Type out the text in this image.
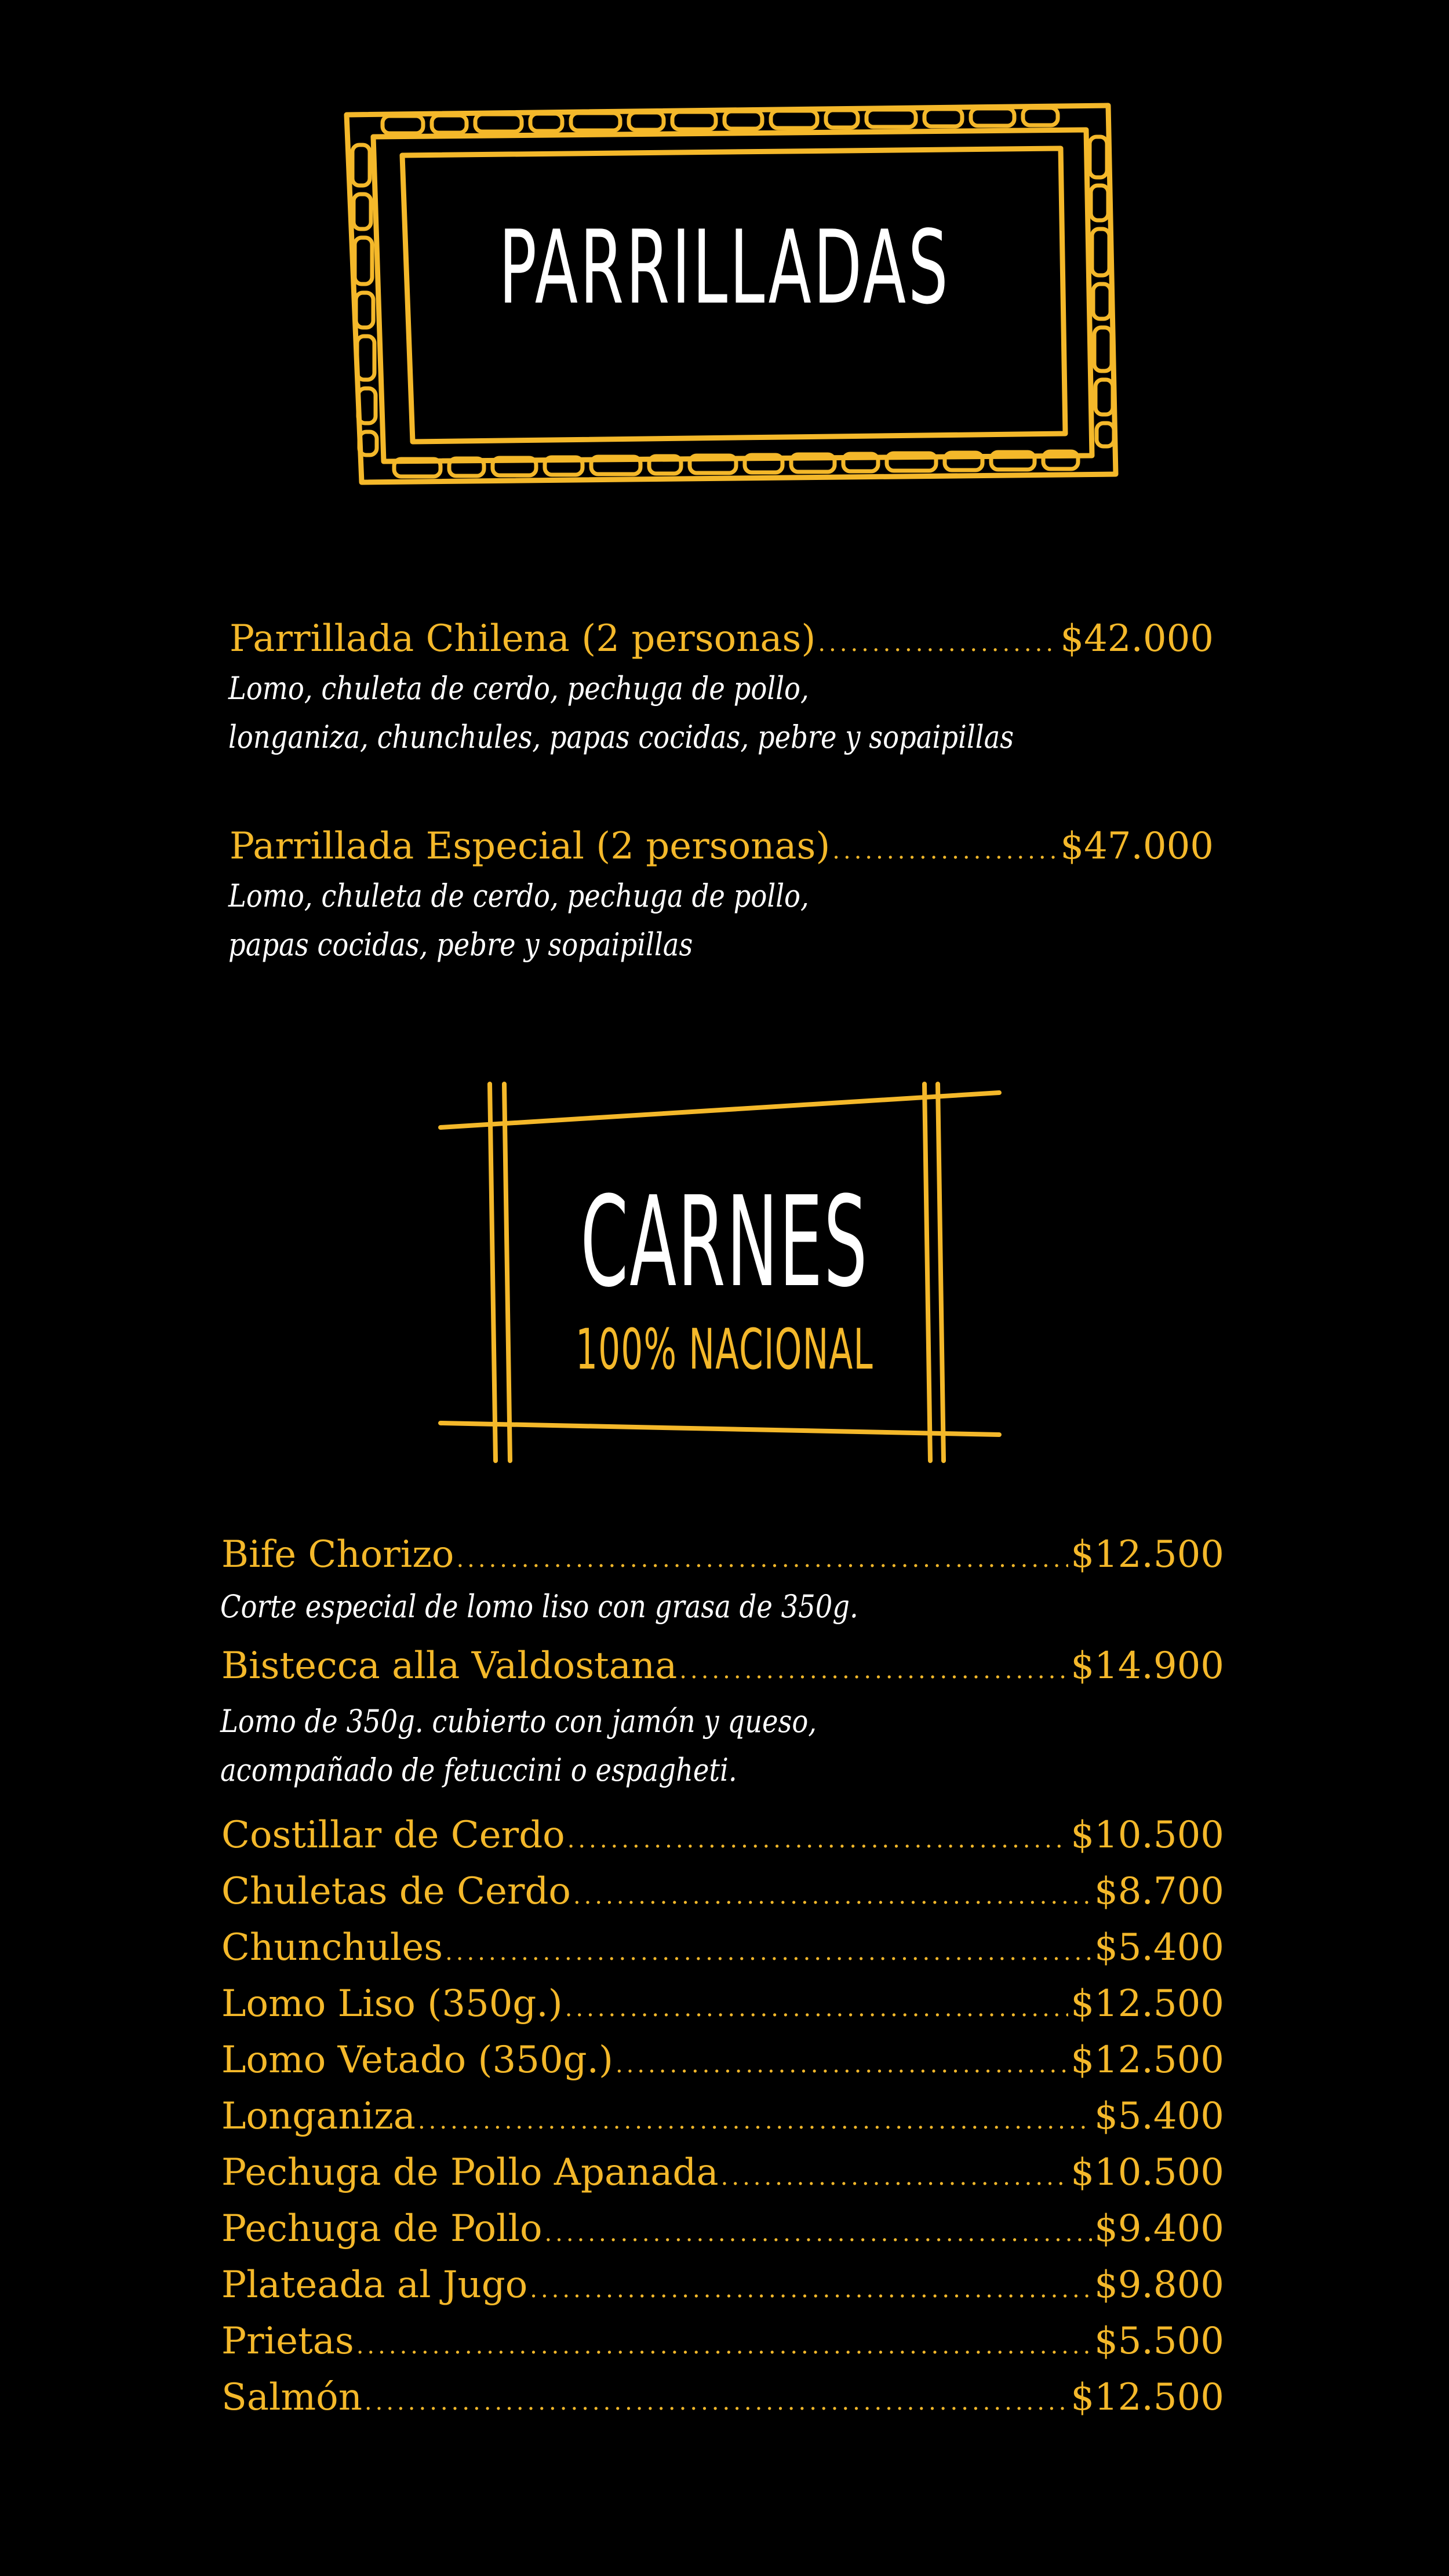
PARRILLADAS
CARNES
100% NACIONAL
Parrillada Chilena (2 personas) .....	$42.000
Lomo, chuleta de cerdo, pechuga de pollo,
longaniza, chunchules, papas cocidas, pebre y sopaipillas
Parrillada Especial (2 personas) .....	$47.000
Lomo, chuleta de cerdo, pechuga de pollo,
papas cocidas, pebre y sopaipillas
Bife Chorizo .....	$12.500
Corte especial de lomo liso con grasa de 350g.
Bistecca alla Valdostana .....	$14.900
Lomo de 350g. cubierto con jamón y queso,
acompañado de fetuccini o espagheti.
Costillar de Cerdo .....	$10.500
Chuletas de Cerdo .....	$8.700
Chunchules .....	$5.400
Lomo Liso (350g.) .....	$12.500
Lomo Vetado (350g.) .....	$12.500
Longaniza .....	$5.400
Pechuga de Pollo Apanada .....	$10.500
Pechuga de Pollo .....	$9.400
Plateada al Jugo .....	$9.800
Prietas .....	$5.500
Salmón .....	$12.500
